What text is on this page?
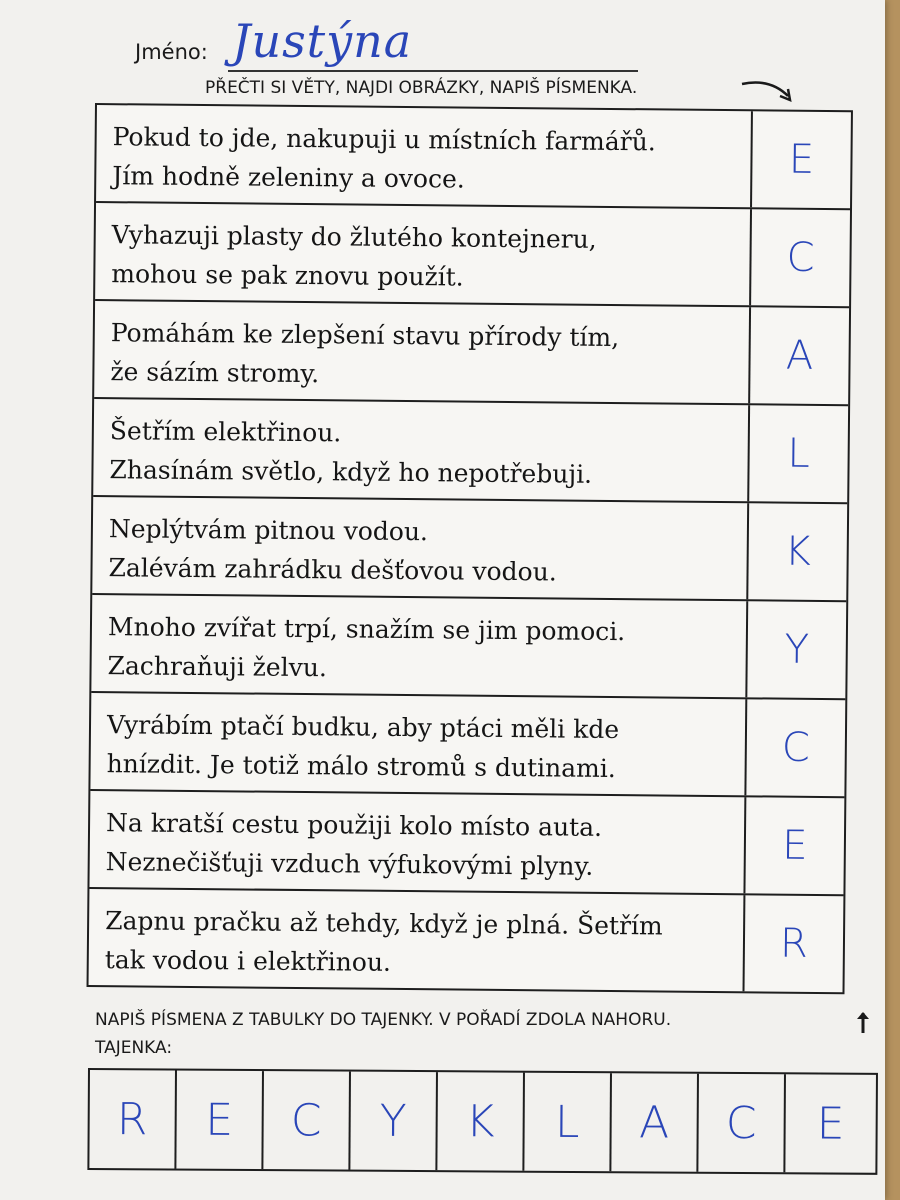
Jméno: Justýna
PŘEČTI SI VĚTY, NAJDI OBRÁZKY, NAPIŠ PÍSMENKA.
Pokud to jde, nakupuji u místních farmářů.
Jím hodně zeleniny a ovoce.	E
Vyhazuji plasty do žlutého kontejneru,
mohou se pak znovu použít.	C
Pomáhám ke zlepšení stavu přírody tím,
že sázím stromy.	A
Šetřím elektřinou.
Zhasínám světlo, když ho nepotřebuji.	L
Neplýtvám pitnou vodou.
Zalévám zahrádku dešťovou vodou.	K
Mnoho zvířat trpí, snažím se jim pomoci.
Zachraňuji želvu.	Y
Vyrábím ptačí budku, aby ptáci měli kde
hnízdit. Je totiž málo stromů s dutinami.	C
Na kratší cestu použiji kolo místo auta.
Neznečišťuji vzduch výfukovými plyny.	E
Zapnu pračku až tehdy, když je plná. Šetřím
tak vodou i elektřinou.	R
NAPIŠ PÍSMENA Z TABULKY DO TAJENKY. V POŘADÍ ZDOLA NAHORU.
TAJENKA:
R	E	C	Y	K	L	A	C	E
